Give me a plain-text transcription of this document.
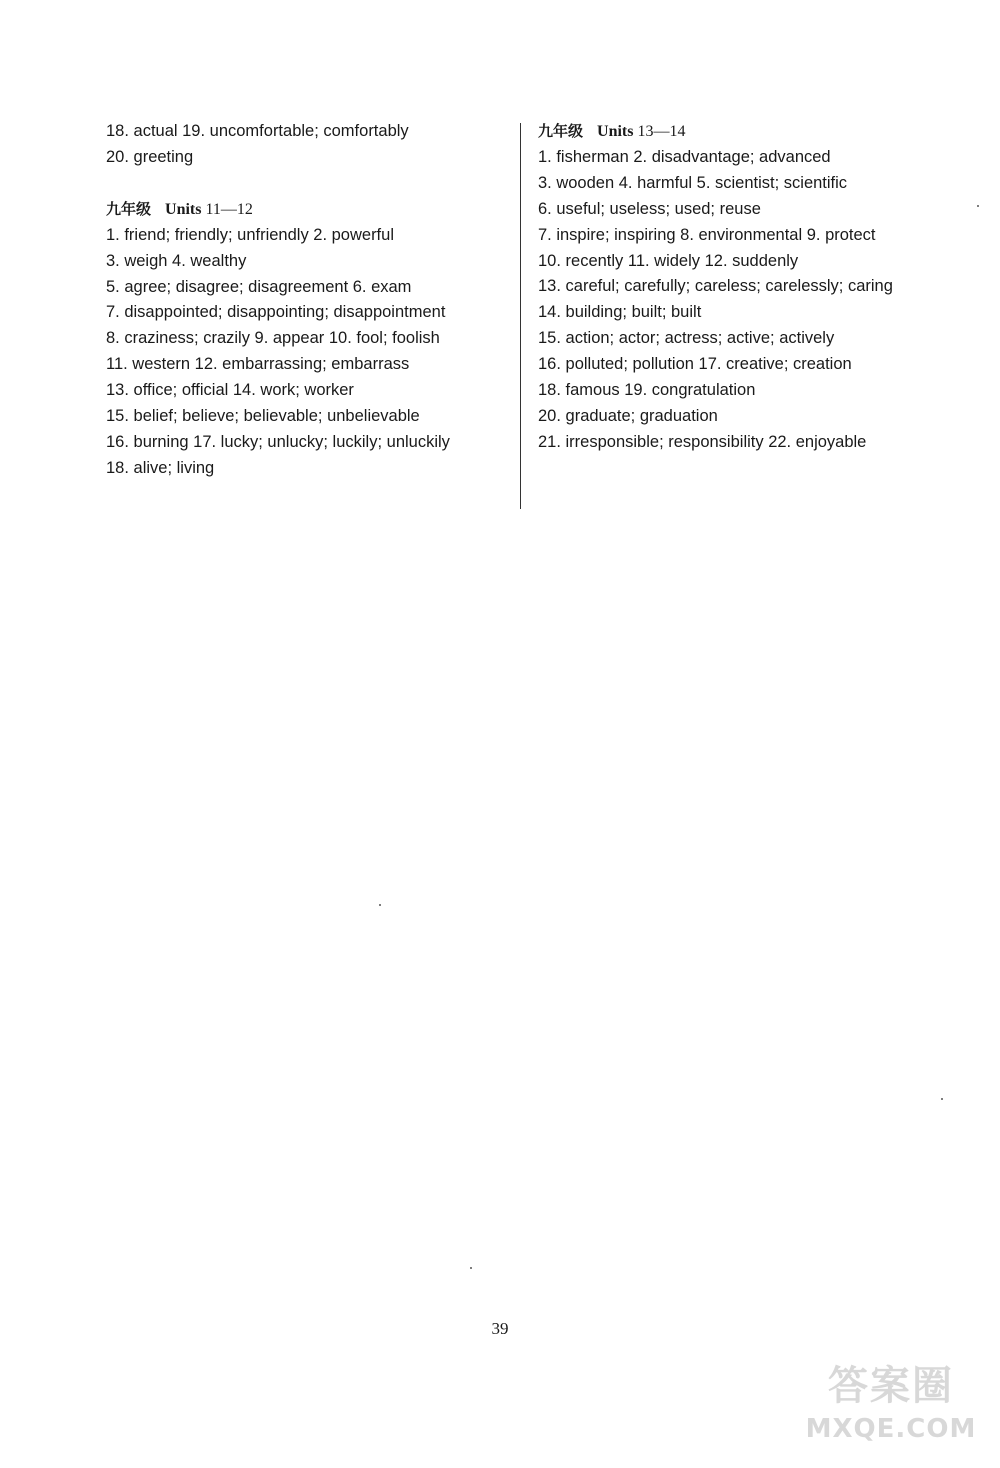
18. actual 19. uncomfortable; comfortably
20. greeting
九年级 Units 11—12
1. friend; friendly; unfriendly 2. powerful
3. weigh 4. wealthy
5. agree; disagree; disagreement 6. exam
7. disappointed; disappointing; disappointment
8. craziness; crazily 9. appear 10. fool; foolish
11. western 12. embarrassing; embarrass
13. office; official 14. work; worker
15. belief; believe; believable; unbelievable
16. burning 17. lucky; unlucky; luckily; unluckily
18. alive; living
九年级 Units 13—14
1. fisherman 2. disadvantage; advanced
3. wooden 4. harmful 5. scientist; scientific
6. useful; useless; used; reuse
7. inspire; inspiring 8. environmental 9. protect
10. recently 11. widely 12. suddenly
13. careful; carefully; careless; carelessly; caring
14. building; built; built
15. action; actor; actress; active; actively
16. polluted; pollution 17. creative; creation
18. famous 19. congratulation
20. graduate; graduation
21. irresponsible; responsibility 22. enjoyable
39
答案圈
MXQE.COM
